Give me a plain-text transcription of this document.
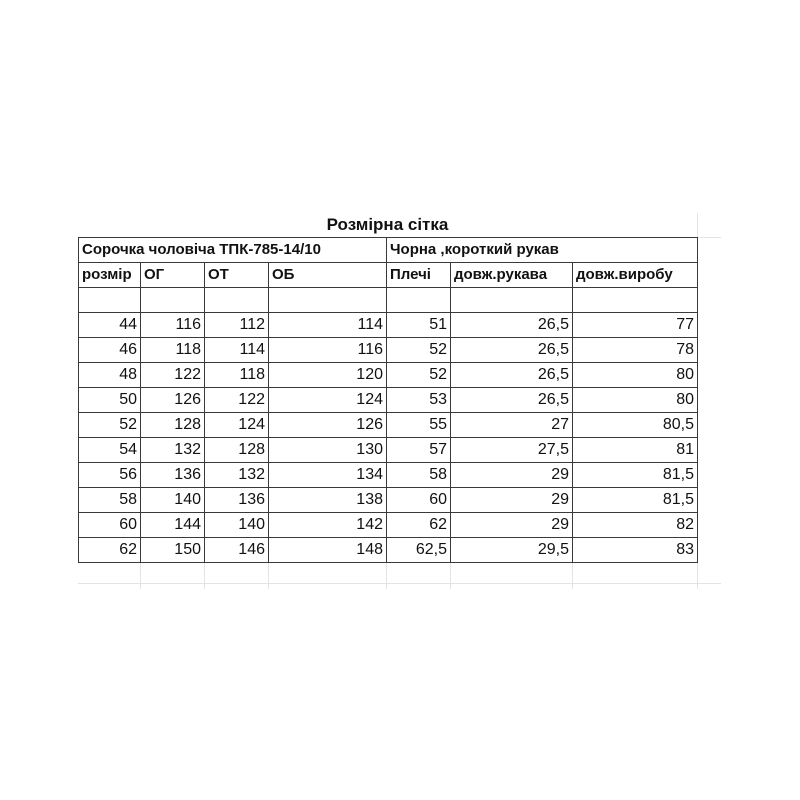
Розмірна сітка
Сорочка чоловіча ТПК-785-14/10				Чорна ,короткий рукав		
розмір	ОГ	ОТ	ОБ	Плечі	довж.рукава	довж.виробу

44	116	112	114	51	26,5	77
46	118	114	116	52	26,5	78
48	122	118	120	52	26,5	80
50	126	122	124	53	26,5	80
52	128	124	126	55	27	80,5
54	132	128	130	57	27,5	81
56	136	132	134	58	29	81,5
58	140	136	138	60	29	81,5
60	144	140	142	62	29	82
62	150	146	148	62,5	29,5	83
